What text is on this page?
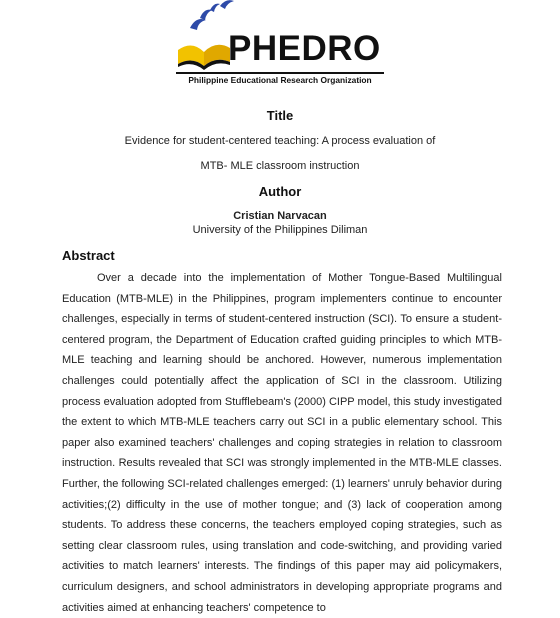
PHEDRO
Philippine Educational Research Organization
Title
Evidence for student-centered teaching: A process evaluation of
MTB- MLE classroom instruction
Author
Cristian Narvacan
University of the Philippines Diliman
Abstract

Over a decade into the implementation of Mother Tongue-Based Multilingual Education (MTB-MLE) in the Philippines, program implementers continue to encounter challenges, especially in terms of student-centered instruction (SCI). To ensure a student-centered program, the Department of Education crafted guiding principles to which MTB-MLE teaching and learning should be anchored. However, numerous implementation challenges could potentially affect the application of SCI in the classroom. Utilizing process evaluation adopted from Stufflebeam's (2000) CIPP model, this study investigated the extent to which MTB-MLE teachers carry out SCI in a public elementary school. This paper also examined teachers' challenges and coping strategies in relation to classroom instruction. Results revealed that SCI was strongly implemented in the MTB-MLE classes. Further, the following SCI-related challenges emerged: (1) learners' unruly behavior during activities;(2) difficulty in the use of mother tongue; and (3) lack of cooperation among students. To address these concerns, the teachers employed coping strategies, such as setting clear classroom rules, using translation and code-switching, and providing varied activities to match learners' interests. The findings of this paper may aid policymakers, curriculum designers, and school administrators in developing appropriate programs and activities aimed at enhancing teachers' competence to
